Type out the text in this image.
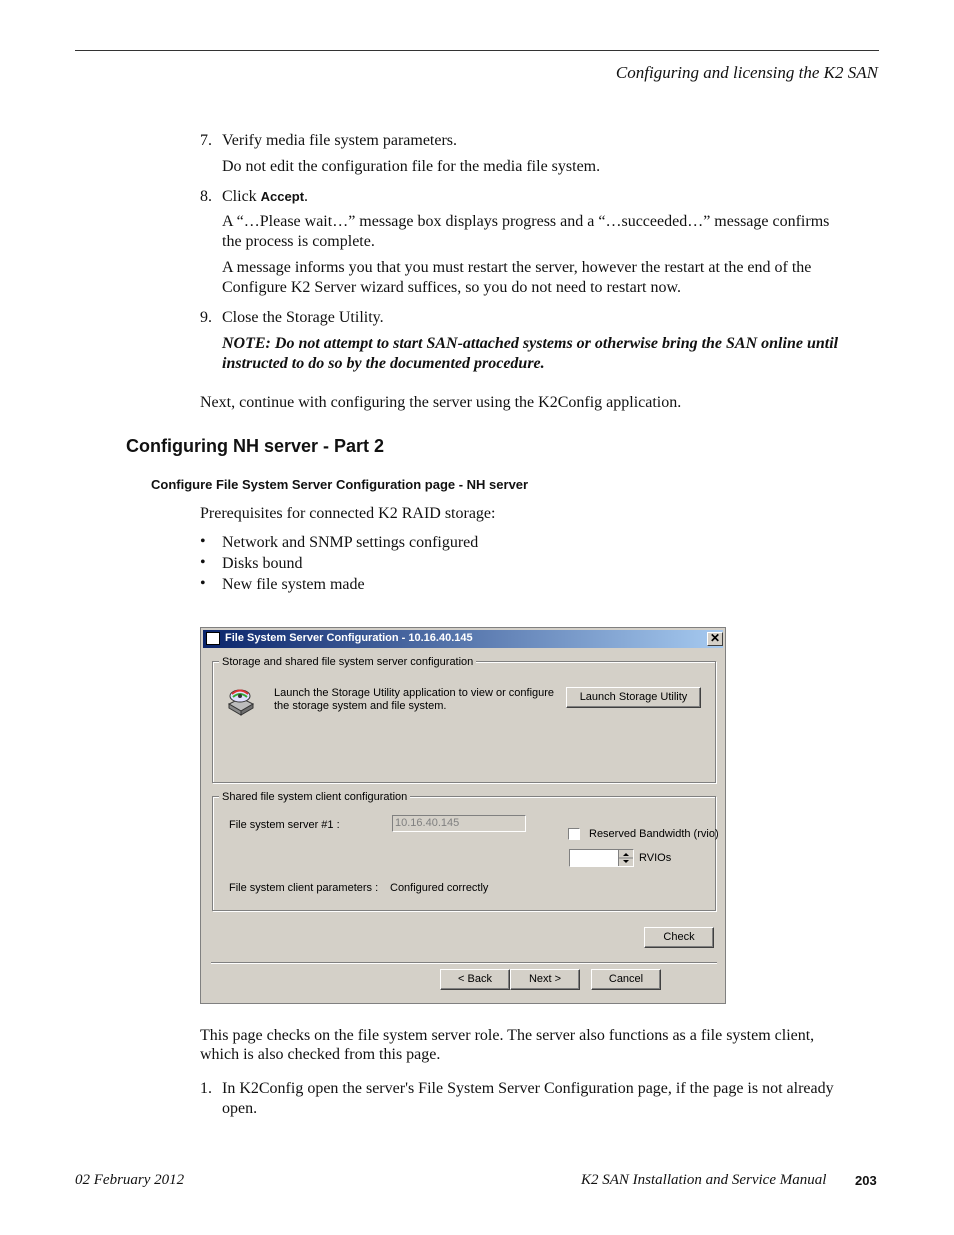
Configuring and licensing the K2 SAN
7. Verify media file system parameters.
Do not edit the configuration file for the media file system.
8. Click Accept.
A “…Please wait…” message box displays progress and a “…succeeded…” message confirms
the process is complete.
A message informs you that you must restart the server, however the restart at the end of the
Configure K2 Server wizard suffices, so you do not need to restart now.
9. Close the Storage Utility.
NOTE: Do not attempt to start SAN-attached systems or otherwise bring the SAN online until
instructed to do so by the documented procedure.
Next, continue with configuring the server using the K2Config application.
Configuring NH server - Part 2
Configure File System Server Configuration page - NH server
Prerequisites for connected K2 RAID storage:
• Network and SNMP settings configured
• Disks bound
• New file system made
File System Server Configuration - 10.16.40.145	✕
Storage and shared file system server configuration
Launch the Storage Utility application to view or configure
the storage system and file system.
Launch Storage Utility
Shared file system client configuration
File system server #1 :	10.16.40.145
Reserved Bandwidth (rvio)
RVIOs
File system client parameters : Configured correctly
Check
< Back	Next >	Cancel
This page checks on the file system server role. The server also functions as a file system client,
which is also checked from this page.
1. In K2Config open the server's File System Server Configuration page, if the page is not already
open.
02 February 2012	K2 SAN Installation and Service Manual 203
